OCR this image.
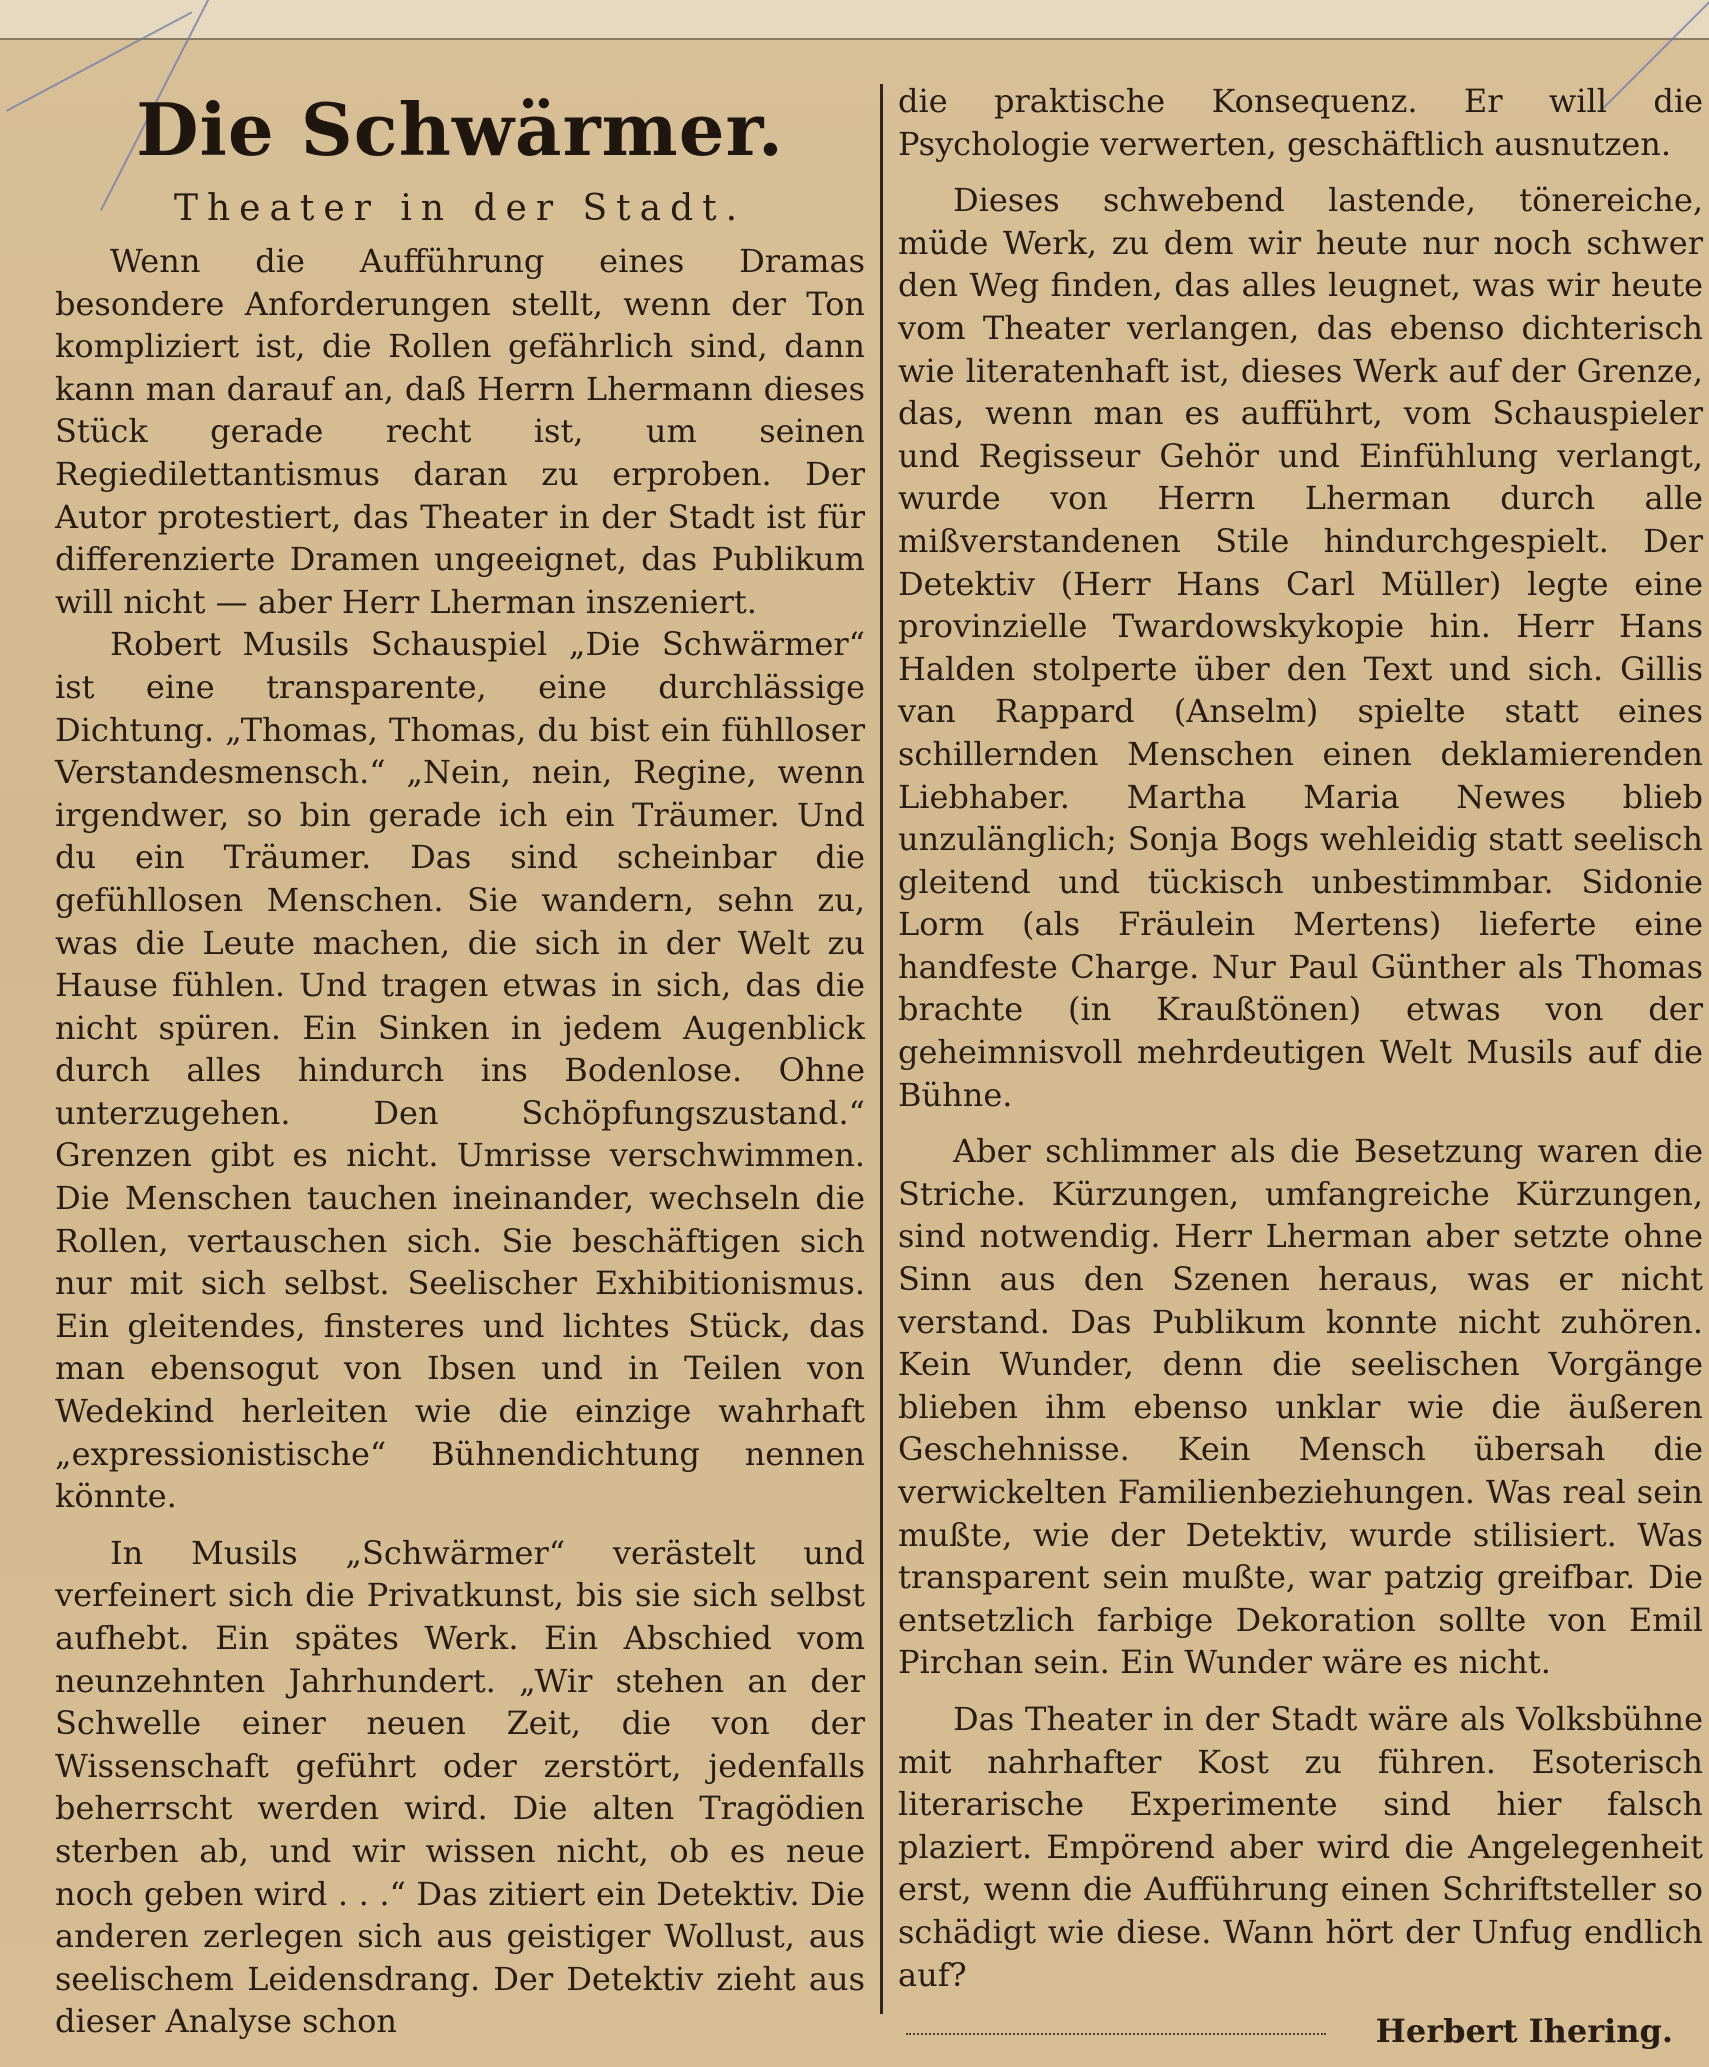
Die Schwärmer.
Theater in der Stadt.

Wenn die Aufführung eines Dramas besondere Anforderungen stellt, wenn der Ton kompliziert ist, die Rollen gefährlich sind, dann kann man darauf an, daß Herrn Lhermann dieses Stück gerade recht ist, um seinen Regiedilettantismus daran zu erproben. Der Autor protestiert, das Theater in der Stadt ist für differenzierte Dramen ungeeignet, das Publikum will nicht — aber Herr Lherman inszeniert.

Robert Musils Schauspiel „Die Schwärmer“ ist eine transparente, eine durchlässige Dichtung. „Thomas, Thomas, du bist ein fühlloser Verstandesmensch.“ „Nein, nein, Regine, wenn irgendwer, so bin gerade ich ein Träumer. Und du ein Träumer. Das sind scheinbar die gefühllosen Menschen. Sie wandern, sehn zu, was die Leute machen, die sich in der Welt zu Hause fühlen. Und tragen etwas in sich, das die nicht spüren. Ein Sinken in jedem Augenblick durch alles hindurch ins Bodenlose. Ohne unterzugehen. Den Schöpfungszustand.“ Grenzen gibt es nicht. Umrisse verschwimmen. Die Menschen tauchen ineinander, wechseln die Rollen, vertauschen sich. Sie beschäftigen sich nur mit sich selbst. Seelischer Exhibitionismus. Ein gleitendes, finsteres und lichtes Stück, das man ebensogut von Ibsen und in Teilen von Wedekind herleiten wie die einzige wahrhaft „expressionistische“ Bühnendichtung nennen könnte.

In Musils „Schwärmer“ verästelt und verfeinert sich die Privatkunst, bis sie sich selbst aufhebt. Ein spätes Werk. Ein Abschied vom neunzehnten Jahrhundert. „Wir stehen an der Schwelle einer neuen Zeit, die von der Wissenschaft geführt oder zerstört, jedenfalls beherrscht werden wird. Die alten Tragödien sterben ab, und wir wissen nicht, ob es neue noch geben wird . . .“ Das zitiert ein Detektiv. Die anderen zerlegen sich aus geistiger Wollust, aus seelischem Leidensdrang. Der Detektiv zieht aus dieser Analyse schon

die praktische Konsequenz. Er will die Psychologie verwerten, geschäftlich ausnutzen.

Dieses schwebend lastende, tönereiche, müde Werk, zu dem wir heute nur noch schwer den Weg finden, das alles leugnet, was wir heute vom Theater verlangen, das ebenso dichterisch wie literatenhaft ist, dieses Werk auf der Grenze, das, wenn man es aufführt, vom Schauspieler und Regisseur Gehör und Einfühlung verlangt, wurde von Herrn Lherman durch alle mißverstandenen Stile hindurchgespielt. Der Detektiv (Herr Hans Carl Müller) legte eine provinzielle Twardowskykopie hin. Herr Hans Halden stolperte über den Text und sich. Gillis van Rappard (Anselm) spielte statt eines schillernden Menschen einen deklamierenden Liebhaber. Martha Maria Newes blieb unzulänglich; Sonja Bogs wehleidig statt seelisch gleitend und tückisch unbestimmbar. Sidonie Lorm (als Fräulein Mertens) lieferte eine handfeste Charge. Nur Paul Günther als Thomas brachte (in Kraußtönen) etwas von der geheimnisvoll mehrdeutigen Welt Musils auf die Bühne.

Aber schlimmer als die Besetzung waren die Striche. Kürzungen, umfangreiche Kürzungen, sind notwendig. Herr Lherman aber setzte ohne Sinn aus den Szenen heraus, was er nicht verstand. Das Publikum konnte nicht zuhören. Kein Wunder, denn die seelischen Vorgänge blieben ihm ebenso unklar wie die äußeren Geschehnisse. Kein Mensch übersah die verwickelten Familienbeziehungen. Was real sein mußte, wie der Detektiv, wurde stilisiert. Was transparent sein mußte, war patzig greifbar. Die entsetzlich farbige Dekoration sollte von Emil Pirchan sein. Ein Wunder wäre es nicht.

Das Theater in der Stadt wäre als Volksbühne mit nahrhafter Kost zu führen. Esoterisch literarische Experimente sind hier falsch plaziert. Empörend aber wird die Angelegenheit erst, wenn die Aufführung einen Schriftsteller so schädigt wie diese. Wann hört der Unfug endlich auf?

Herbert Ihering.
